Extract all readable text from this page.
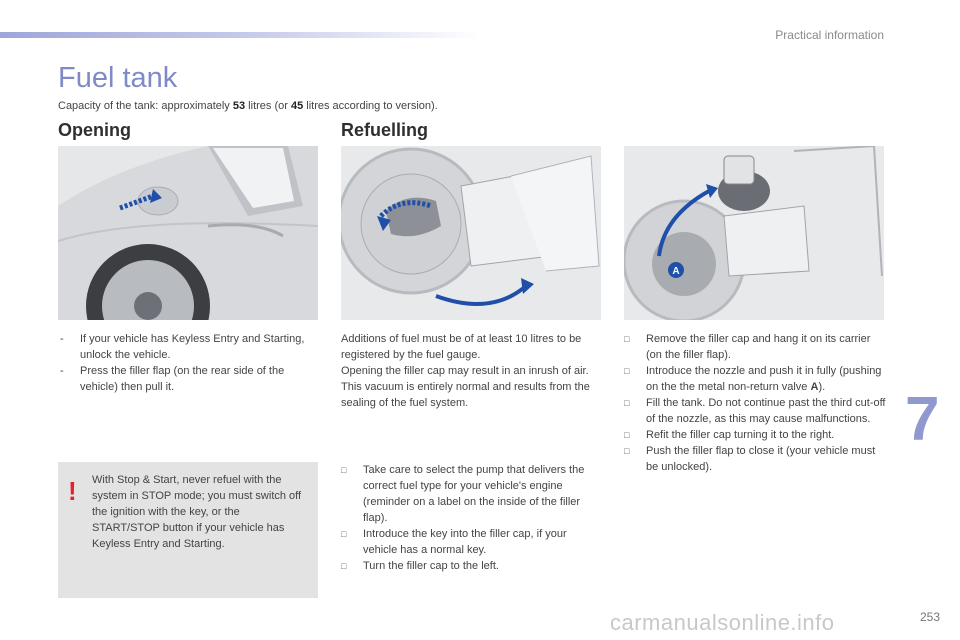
Practical information
Fuel tank
Capacity of the tank: approximately 53 litres (or 45 litres according to version).
Opening	Refuelling
A
- If your vehicle has Keyless Entry and Starting, unlock the vehicle.
- Press the filler flap (on the rear side of the vehicle) then pull it.
! With Stop & Start, never refuel with the system in STOP mode; you must switch off the ignition with the key, or the START/STOP button if your vehicle has Keyless Entry and Starting.
Additions of fuel must be of at least 10 litres to be registered by the fuel gauge.
Opening the filler cap may result in an inrush of air. This vacuum is entirely normal and results from the sealing of the fuel system.
□ Take care to select the pump that delivers the correct fuel type for your vehicle's engine (reminder on a label on the inside of the filler flap).
□ Introduce the key into the filler cap, if your vehicle has a normal key.
□ Turn the filler cap to the left.
□ Remove the filler cap and hang it on its carrier (on the filler flap).
□ Introduce the nozzle and push it in fully (pushing on the the metal non-return valve A).
□ Fill the tank. Do not continue past the third cut-off of the nozzle, as this may cause malfunctions.
□ Refit the filler cap turning it to the right.
□ Push the filler flap to close it (your vehicle must be unlocked).
7
carmanualsonline.info	253
